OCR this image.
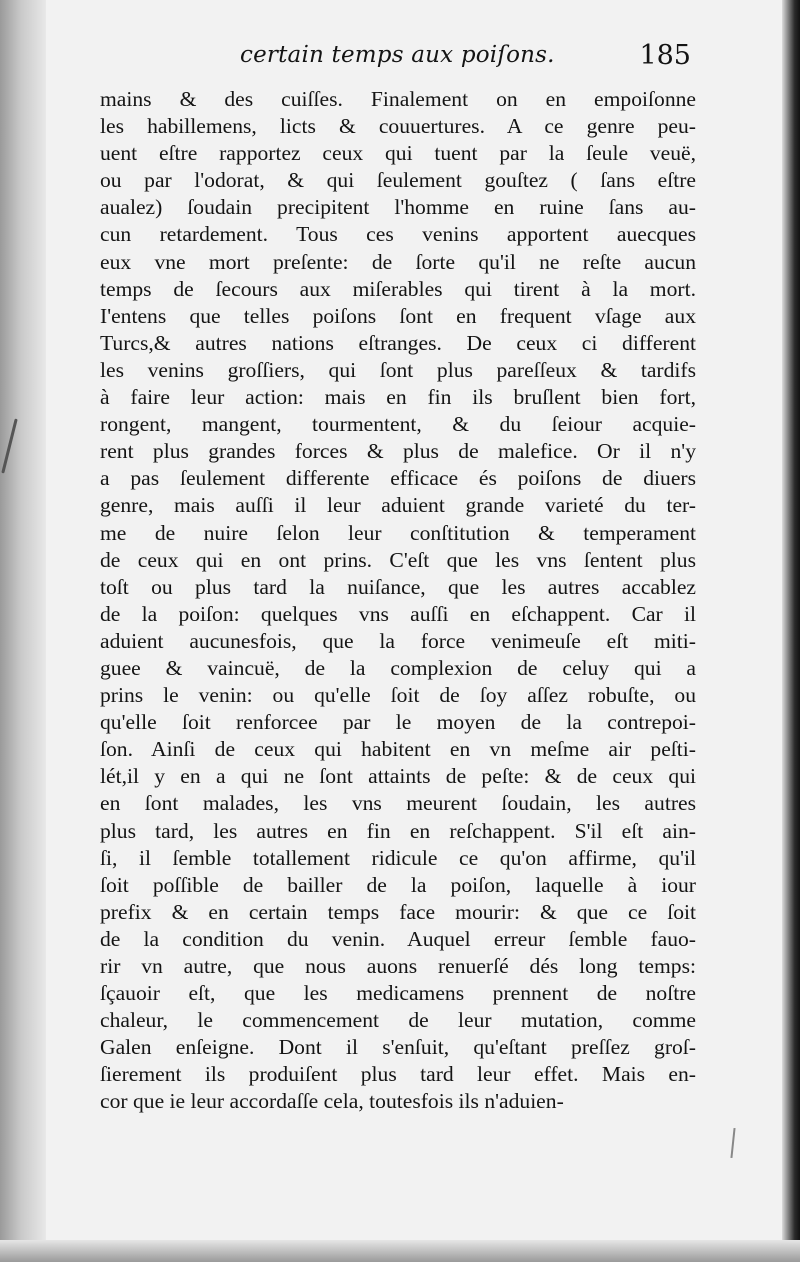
certain temps aux poiſons.	185
mains & des cuiſſes. Finalement on en empoiſonne
les habillemens, licts & couuertures. A ce genre peu-
uent eſtre rapportez ceux qui tuent par la ſeule veuë,
ou par l'odorat, & qui ſeulement gouſtez ( ſans eſtre
aualez) ſoudain precipitent l'homme en ruine ſans au-
cun retardement. Tous ces venins apportent auecques
eux vne mort preſente: de ſorte qu'il ne reſte aucun
temps de ſecours aux miſerables qui tirent à la mort.
I'entens que telles poiſons ſont en frequent vſage aux
Turcs,& autres nations eſtranges. De ceux ci different
les venins groſſiers, qui ſont plus pareſſeux & tardifs
à faire leur action: mais en fin ils bruſlent bien fort,
rongent, mangent, tourmentent, & du ſeiour acquie-
rent plus grandes forces & plus de malefice. Or il n'y
a pas ſeulement differente efficace és poiſons de diuers
genre, mais auſſi il leur aduient grande varieté du ter-
me de nuire ſelon leur conſtitution & temperament
de ceux qui en ont prins. C'eſt que les vns ſentent plus
toſt ou plus tard la nuiſance, que les autres accablez
de la poiſon: quelques vns auſſi en eſchappent. Car il
aduient aucunesfois, que la force venimeuſe eſt miti-
guee & vaincuë, de la complexion de celuy qui a
prins le venin: ou qu'elle ſoit de ſoy aſſez robuſte, ou
qu'elle ſoit renforcee par le moyen de la contrepoi-
ſon. Ainſi de ceux qui habitent en vn meſme air peſti-
lét,il y en a qui ne ſont attaints de peſte: & de ceux qui
en ſont malades, les vns meurent ſoudain, les autres
plus tard, les autres en fin en reſchappent. S'il eſt ain-
ſi, il ſemble totallement ridicule ce qu'on affirme, qu'il
ſoit poſſible de bailler de la poiſon, laquelle à iour
prefix & en certain temps face mourir: & que ce ſoit
de la condition du venin. Auquel erreur ſemble fauo-
rir vn autre, que nous auons renuerſé dés long temps:
ſçauoir eſt, que les medicamens prennent de noſtre
chaleur, le commencement de leur mutation, comme
Galen enſeigne. Dont il s'enſuit, qu'eſtant preſſez groſ-
ſierement ils produiſent plus tard leur effet. Mais en-
cor que ie leur accordaſſe cela, toutesfois ils n'aduien-
